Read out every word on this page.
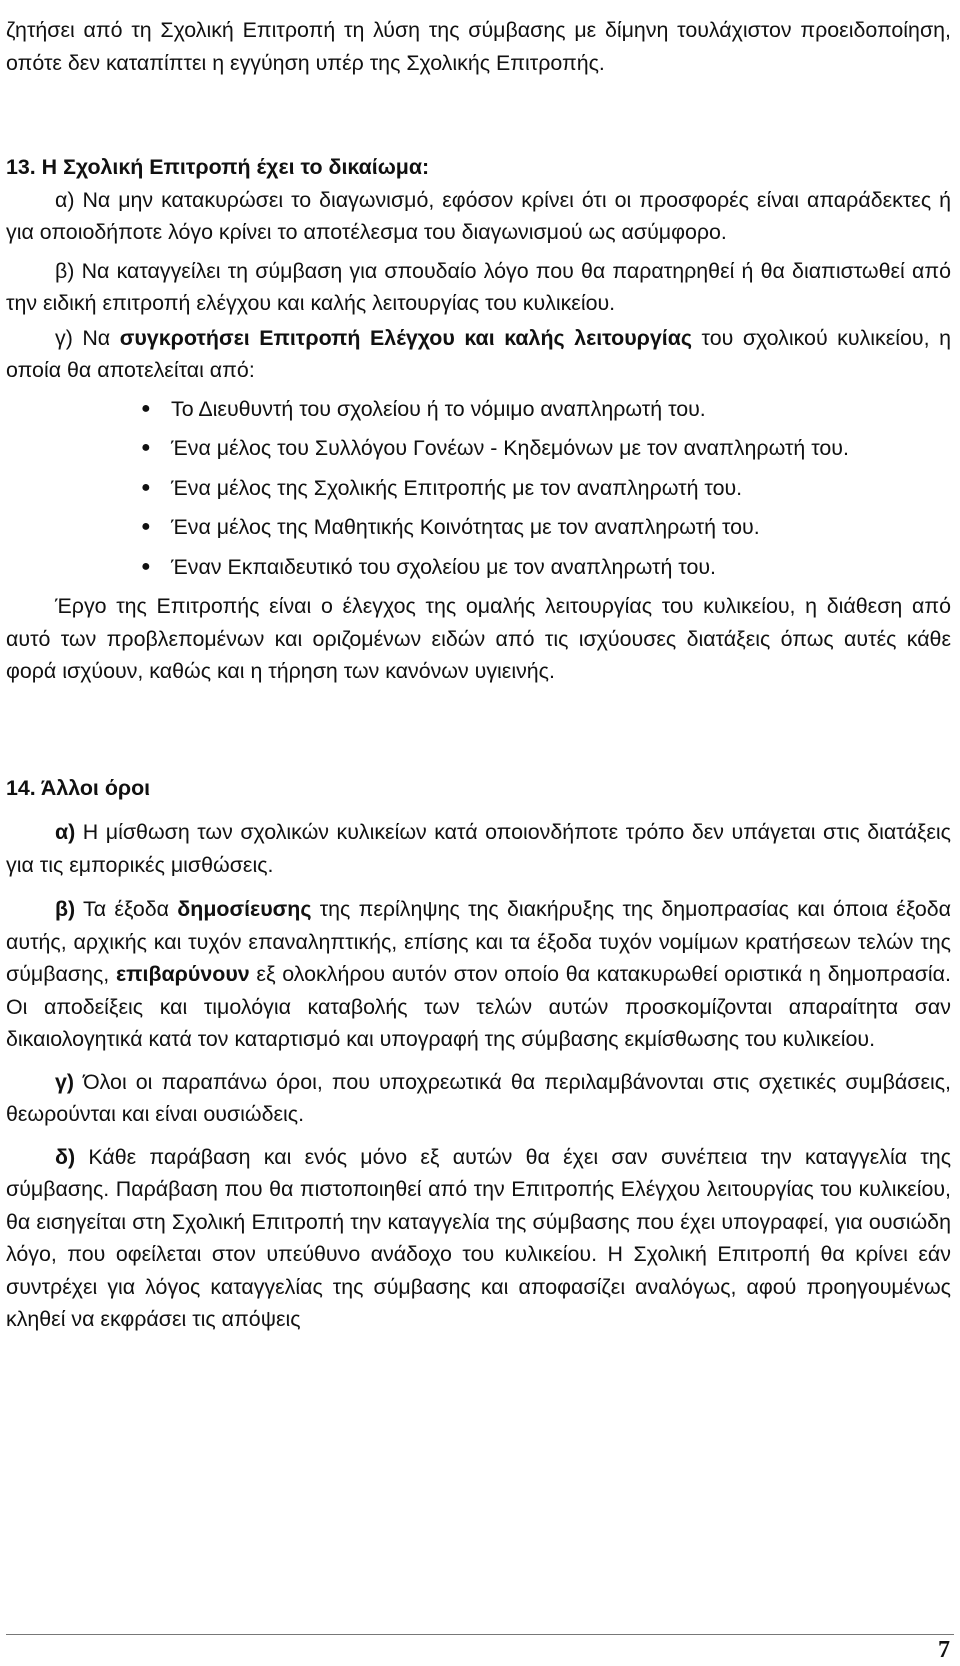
ζητήσει από τη Σχολική Επιτροπή τη λύση της σύμβασης με δίμηνη τουλάχιστον προειδοποίηση, οπότε δεν καταπίπτει η εγγύηση υπέρ της Σχολικής Επιτροπής.

13. Η Σχολική Επιτροπή έχει το δικαίωμα:

α) Να μην κατακυρώσει το διαγωνισμό, εφόσον κρίνει ότι οι προσφορές είναι απαράδεκτες ή για οποιοδήποτε λόγο κρίνει το αποτέλεσμα του διαγωνισμού ως ασύμφορο.

β) Να καταγγείλει τη σύμβαση για σπουδαίο λόγο που θα παρατηρηθεί ή θα διαπιστωθεί από την ειδική επιτροπή ελέγχου και καλής λειτουργίας του κυλικείου.

γ) Να συγκροτήσει Επιτροπή Ελέγχου και καλής λειτουργίας του σχολικού κυλικείου, η οποία θα αποτελείται από:

● Το Διευθυντή του σχολείου ή το νόμιμο αναπληρωτή του.
● Ένα μέλος του Συλλόγου Γονέων - Κηδεμόνων με τον αναπληρωτή του.
● Ένα μέλος της Σχολικής Επιτροπής με τον αναπληρωτή του.
● Ένα μέλος της Μαθητικής Κοινότητας με τον αναπληρωτή του.
● Έναν Εκπαιδευτικό του σχολείου με τον αναπληρωτή του.

Έργο της Επιτροπής είναι ο έλεγχος της ομαλής λειτουργίας του κυλικείου, η διάθεση από αυτό των προβλεπομένων και οριζομένων ειδών από τις ισχύουσες διατάξεις όπως αυτές κάθε φορά ισχύουν, καθώς και η τήρηση των κανόνων υγιεινής.

14. Άλλοι όροι

α) Η μίσθωση των σχολικών κυλικείων κατά οποιονδήποτε τρόπο δεν υπάγεται στις διατάξεις για τις εμπορικές μισθώσεις.

β) Τα έξοδα δημοσίευσης της περίληψης της διακήρυξης της δημοπρασίας και όποια έξοδα αυτής, αρχικής και τυχόν επαναληπτικής, επίσης και τα έξοδα τυχόν νομίμων κρατήσεων τελών της σύμβασης, επιβαρύνουν εξ ολοκλήρου αυτόν στον οποίο θα κατακυρωθεί οριστικά η δημοπρασία. Οι αποδείξεις και τιμολόγια καταβολής των τελών αυτών προσκομίζονται απαραίτητα σαν δικαιολογητικά κατά τον καταρτισμό και υπογραφή της σύμβασης εκμίσθωσης του κυλικείου.

γ) Όλοι οι παραπάνω όροι, που υποχρεωτικά θα περιλαμβάνονται στις σχετικές συμβάσεις, θεωρούνται και είναι ουσιώδεις.

δ) Κάθε παράβαση και ενός μόνο εξ αυτών θα έχει σαν συνέπεια την καταγγελία της σύμβασης. Παράβαση που θα πιστοποιηθεί από την Επιτροπής Ελέγχου λειτουργίας του κυλικείου, θα εισηγείται στη Σχολική Επιτροπή την καταγγελία της σύμβασης που έχει υπογραφεί, για ουσιώδη λόγο, που οφείλεται στον υπεύθυνο ανάδοχο του κυλικείου. Η Σχολική Επιτροπή θα κρίνει εάν συντρέχει για λόγος καταγγελίας της σύμβασης και αποφασίζει αναλόγως, αφού προηγουμένως κληθεί να εκφράσει τις απόψεις

7
